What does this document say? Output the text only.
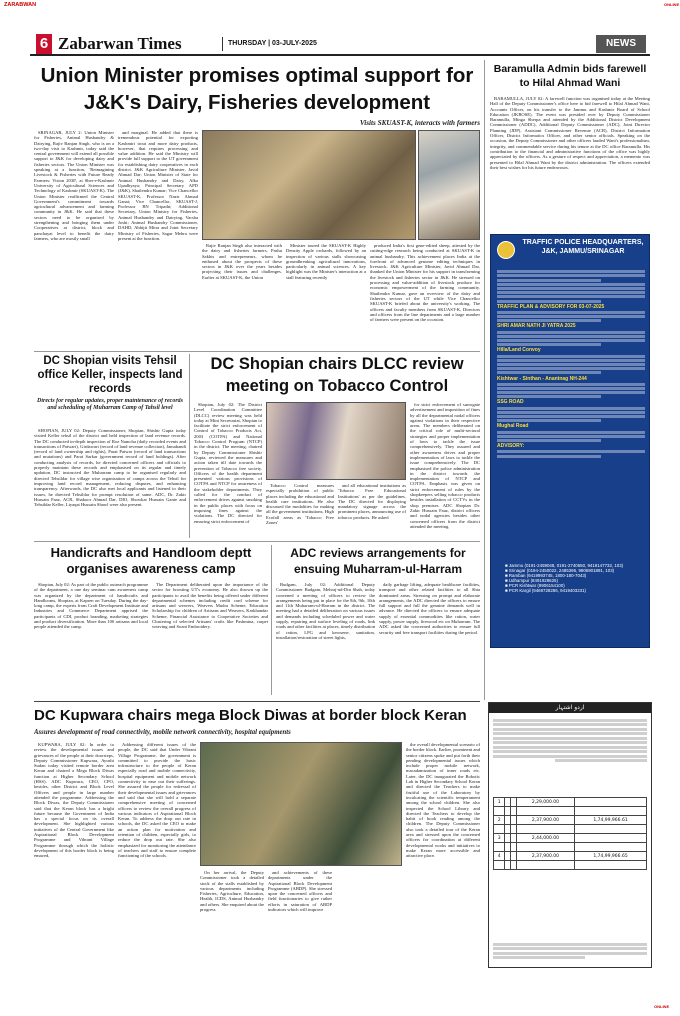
ZARABWAN
6 Zabarwan Times	THURSDAY | 03-JULY-2025	NEWS
Union Minister promises optimal support for J&K's Dairy, Fisheries development
Visits SKUAST-K, interacts with farmers

SRINAGAR, JULY 2: Union Minister for Fisheries, Animal Husbandry & Dairying, Rajiv Ranjan Singh, who is on a two-day visit to Kashmir, today said the central government will extend all possible support to J&K for developing dairy and fisheries sectors. The Union Minister was speaking at a function, 'Reimagining Livestock & Fisheries with Future Ready Farmers: Vision 2030', at Sher-e-Kashmir University of Agricultural Sciences and Technology of Kashmir (SKUAST-K). The Union Minister reaffirmed the Central Government's commitment towards agricultural advancement and farming community in J&K. He said that these sectors need to be organised by strengthening and bringing them under Cooperatives at district, block and panchayat level to benefit the dairy farmers, who are mostly small

and marginal. He added that there is tremendous potential for exporting Kashmiri trout and more dairy products, however, that requires processing and value addition. He said the Ministry will provide full support to the UT government for establishing dairy cooperatives in each district. J&K Agriculture Minister, Javid Ahmad Dar; Union Minister of State for Animal Husbandry and Dairy, Alka Upadhyaya; Principal Secretary APD (J&K), Shailendra Kumar; Vice Chancellor SKUAST-K, Professor Nazir Ahmad Ganai; Vice Chancellor, SKUAST-J, Professor BN Tripathi; Additional Secretary, Union Ministry for Fisheries, Animal Husbandry and Dairying, Varsha Joshi; Animal Husbandry Commissioner, DAHD, Abhijit Mitra and Joint Secretary Ministry of Fisheries, Sagar Mehra were present at the function.

Rajiv Ranjan Singh also interacted with the dairy and fisheries farmers, Pashu Sakhis and entrepreneurs, whom he enthused about the prospects of these sectors in J&K over the years besides projecting their issues and challenges. Earlier at SKUAST-K, the Union

Minister toured the SKUAST-K Highly Density Apple orchards, followed by an inspection of various stalls showcasing groundbreaking agricultural innovations, particularly in animal sciences. A key highlight was the Minister's interaction at a stall featuring recently

produced India's first gene-edited sheep, attested by the cutting-edge research being conducted at SKUAST-K in animal husbandry. This achievement places India at the forefront of advanced genome editing techniques in livestock. J&K Agriculture Minister, Javid Ahmad Dar, thanked the Union Minister for his support in transforming the livestock and fisheries sector in J&K. He stressed on processing and value-addition of livestock produce for economic empowerment of the farming community. Shailendra Kumar, gave an overview of the dairy and fisheries sectors of the UT while Vice Chancellor SKUAST-K briefed about the university's working. The officers and faculty members from SKUAST-K, Directors and officers from the line departments and a large number of farmers were present on the occasion.

Baramulla Admin bids farewell to Hilal Ahmad Wani

BARAMULLA, JULY 02: A farewell function was organised today at the Meeting Hall of the Deputy Commissioner's office here to bid farewell to Hilal Ahmad Wani, Accounts Officer, on his transfer to the Jammu and Kashmir Board of School Education (JKBOSE). The event was presided over by Deputy Commissioner Baramulla, Minga Sherpa and attended by the Additional District Development Commissioner (ADDC), Additional Deputy Commissioner (ADC), Joint Director Planning (JDP), Assistant Commissioner Revenue (ACR), District Information Officer, District Informatics Officer, and other senior officials. Speaking on the occasion, the Deputy Commissioner and other officers lauded Wani's professionalism, integrity, and commendable service during his tenure at the DC office Baramulla. His contribution to the financial and administrative functions of the office was highly appreciated by the officers. As a gesture of respect and appreciation, a memento was presented to Hilal Ahmad Wani by the district administration. The officers extended their best wishes for his future endeavours.

TRAFFIC POLICE HEADQUARTERS, J&K, JAMMU/SRINAGAR
TRAFFIC PLAN & ADVISORY FOR 03-07-2025
SHRI AMAR NATH JI YATRA 2025
Hilla/Land Convoy
Kishtwar - Sinthan - Anantnag NH-244
SSG ROAD
Mughal Road
ADVISORY:
■ Jammu (0191-2459048, 0191-2740550, 9419147732, 103)
■ Srinagar (0194-2450022, 2485396, 9906901891, 103)
■ Ramban (9419993745, 1800-180-7043)
■ Udhampur (8491928625)
■ PCR Kishtwar (9906154100)
■ PCR Kargil (9469728286, 9419403231)
DC Shopian visits Tehsil office Keller, inspects land records
Directs for regular updates, proper maintenance of records and scheduling of Muharram Camp of Tahsil level

SHOPIAN, JULY 02: Deputy Commissioner, Shopian, Shishir Gupta today visited Keller tehsil of the district and held inspection of land revenue records. The DC conducted in-depth inspection of Roz Namcha (daily recorded events and transactions of Patwari), Girdawari (record of land revenue collection), Jamabandi (record of land ownership and rights), Parat Patwar (record of land transactions and mutations) and Parat Sarkar (government record of land holdings). After conducting analysis of records, he directed concerned officers and officials to properly maintain these records and emphasised on its regular and timely updation. DC instructed the Muharram camp to be organised regularly and directed Tehsildar for village wise organisation of camps across the Tehsil for improving land record management, reducing disputes, and enhancing transparency. Afterwards, the DC also met local applicants and listened to their issues, he directed Tehsildar for prompt resolution of same. ADC, Dr. Zakir Hussain Faaz, ACR, Shakoor Ahmad Dar, DIO, Showkat Hussain Ganie and Tehsildar Keller, Liyaqat Hussain Shawl were also present.

DC Shopian chairs DLCC review meeting on Tobacco Control

Shopian, July 02: The District Level Coordination Committee (DLCC) review meeting was held today at Mini Secretariat, Shopian to facilitate the strict enforcement of Control of Tobacco Products Act, 2003 (COTPA) and National Tobacco Control Program (NTCP) in the district. The meeting, chaired by Deputy Commissioner Shishir Gupta, reviewed the measures and action taken till date towards the prevention of Tobacco free society. Officers of the health department presented various provisions of COTPA and NTCP for awareness of the stakeholder departments. They called for the conduct of enforcement drives against smoking in the public places with focus on imposing fines against the violations. The DC directed for ensuring strict enforcement of

Tobacco Control measures especially prohibition of public places including the educational and health care institutions. He also discussed the modalities for making all the government institutions, High Ecofall areas as 'Tobacco Free Zones'

and all educational institutions as 'Tobacco Free Educational Institutions' as per the guidelines. The DC directed for displaying mandatory signage across the prominent places, announcing use of tobacco products. He asked

for strict enforcement of surrogate advertisement and imposition of fines by all the departmental nodal officers against violations in their respective areas. The members deliberated on the critical role of multi-sectoral strategies and proper implementation of laws to tackle the issue comprehensively. They assured and other awareness drives and proper implementation of laws to tackle the issue comprehensively. The DC emphasised the police administration in the district towards the implementation of NTCP and COTPA. Emphasis was given on strict enforcement of rules by the shopkeepers selling tobacco products besides installation of CCTVs in the shop premises. ADC Shopian Dr. Zakir Hussain Faaz, district officers and nodal agencies besides other concerned officers from the district attended the meeting.

Handicrafts and Handloom deptt organises awareness camp

Shopian, July 02: As part of the public outreach programme of the department, a one day seminar cum awareness camp was organized by the department of handicrafts and Handlooms, Shopian, at Kapren on Tuesday. During the day-long camp, the experts from Craft Development Institute and Industries and Commerce Department apprised the participants of CDI, product branding, marketing strategies and product diversification. More than 100 artisans and local people attended the camp.

The Department deliberated upon the importance of the sector for boosting UT's economy. He also thrown up the participants to avail the benefits being offered under different departmental schemes including credit card scheme for artisans and weavers, Weavers Mudra Scheme, Education Scholarship for children of Artisans and Weavers, Karkhandar Scheme, Financial Assistance to Cooperative Societies and Clustering of selected Artisans' crafts like Pashmina, carpet weaving and Sozni Embroidery.

ADC reviews arrangements for ensuing Muharram-ul-Harram

Budgam, July 02: Additional Deputy Commissioner Budgam, Mehraj-ud-Din Shah, today convened a meeting of officers to review the arrangements being put in place for the 8th, 9th, 10th and 11th Muharram-ul-Harram in the district. The meeting had a detailed deliberation on various issues and demands including scheduled power and water supply, repairing and surface leveling of roads, link roads and other facilities at places, timely distribution of ration, LPG and kerosene, sanitation, installation/restoration of street lights,

daily garbage lifting, adequate healthcare facilities, transport and other related facilities to all Shia dominated areas. Stressing on prompt and elaborate arrangements, the ADC directed the officers to ensure full support and full the genuine demands well in advance. He directed the officers to ensure adequate supply of essential commodities like ration, water supply, power supply, firewood etc on Muharram. The ADC asked the concerned authorities to ensure full security and free transport facilities during the period.

DC Kupwara chairs mega Block Diwas at border block Keran
Assures development of road connectivity, mobile network connectivity, hospital equipments

KUPWARA, JULY 02: In order to review the developmental issues and grievances of the people at their doorsteps, Deputy Commissioner Kupwara, Ayushi Sudan today visited remote border area Keran and chaired a Mega Block Diwas function at Higher Secondary School (HSS). ADC Kupwara, CEO, CPO, besides, other District and Block Level Officers and people in large number attended the programme. Addressing the Block Diwas, the Deputy Commissioner said that the Keran block has a bright future because the Government of India has a special focus on its overall development. She highlighted various initiatives of the Central Government like Aspirational Block Development Programme and Vibrant Village Programme through which the holistic development of this border block is being ensured,

Addressing different issues of the people, the DC said that Under Vibrant Village Programme, the government is committed to provide the basic infrastructure to the people of Keran especially road and mobile connectivity, hospital equipment and mobile network connectivity to ease out their sufferings. She assured the people for redressal of their developmental issues and grievances and said that she will hold a separate comprehensive meeting of concerned officers to review the overall progress of various indicators of Aspirational Block Keran. To address the drop out rate in schools, the DC asked the CEO to make an action plan for motivation and retention of children, especially girls, to reduce the drop out rate. She also emphasized for monitoring the attendance of teachers and staff to ensure complete functioning of the schools.

On her arrival, the Deputy Commissioner took a detailed stock of the stalls established by various departments including Fisheries, Agriculture, Education, Health, ICDS, Animal Husbandry and others. She enquired about the progress

and achievements of these departments under the Aspirational Block Development Programme (ABDP). She stressed upon the concerned officers and field functionaries to give rather efforts in saturation of ABDP indicators which will improve

the overall developmental scenario of the border block. Earlier, prominent and senior citizens spoke and put forth their pending developmental issues which include proper mobile network, macadamization of inner roads etc. Later, the DC inaugurated the Robotic Lab in Higher Secondary School Keran and directed the Teachers to make fruitful use of the Laboratory by inculcating the scientific temperament among the school children. She also inspected the School Library and directed the Teachers to develop the habit of book reading among the children. The Deputy Commissioner also took a detailed tour of the Keran area and stressed upon the concerned officers for coordination at different developmental works and initiatives to make Keran more accessible and attractive place.

اردو اشتہار
1			2,29,000.00	

2			2,37,900.00	1,74,99,966.61

3			2,44,000.00	

4			2,37,900.00	1,74,99,966.65

ONLINE
ONLINE
